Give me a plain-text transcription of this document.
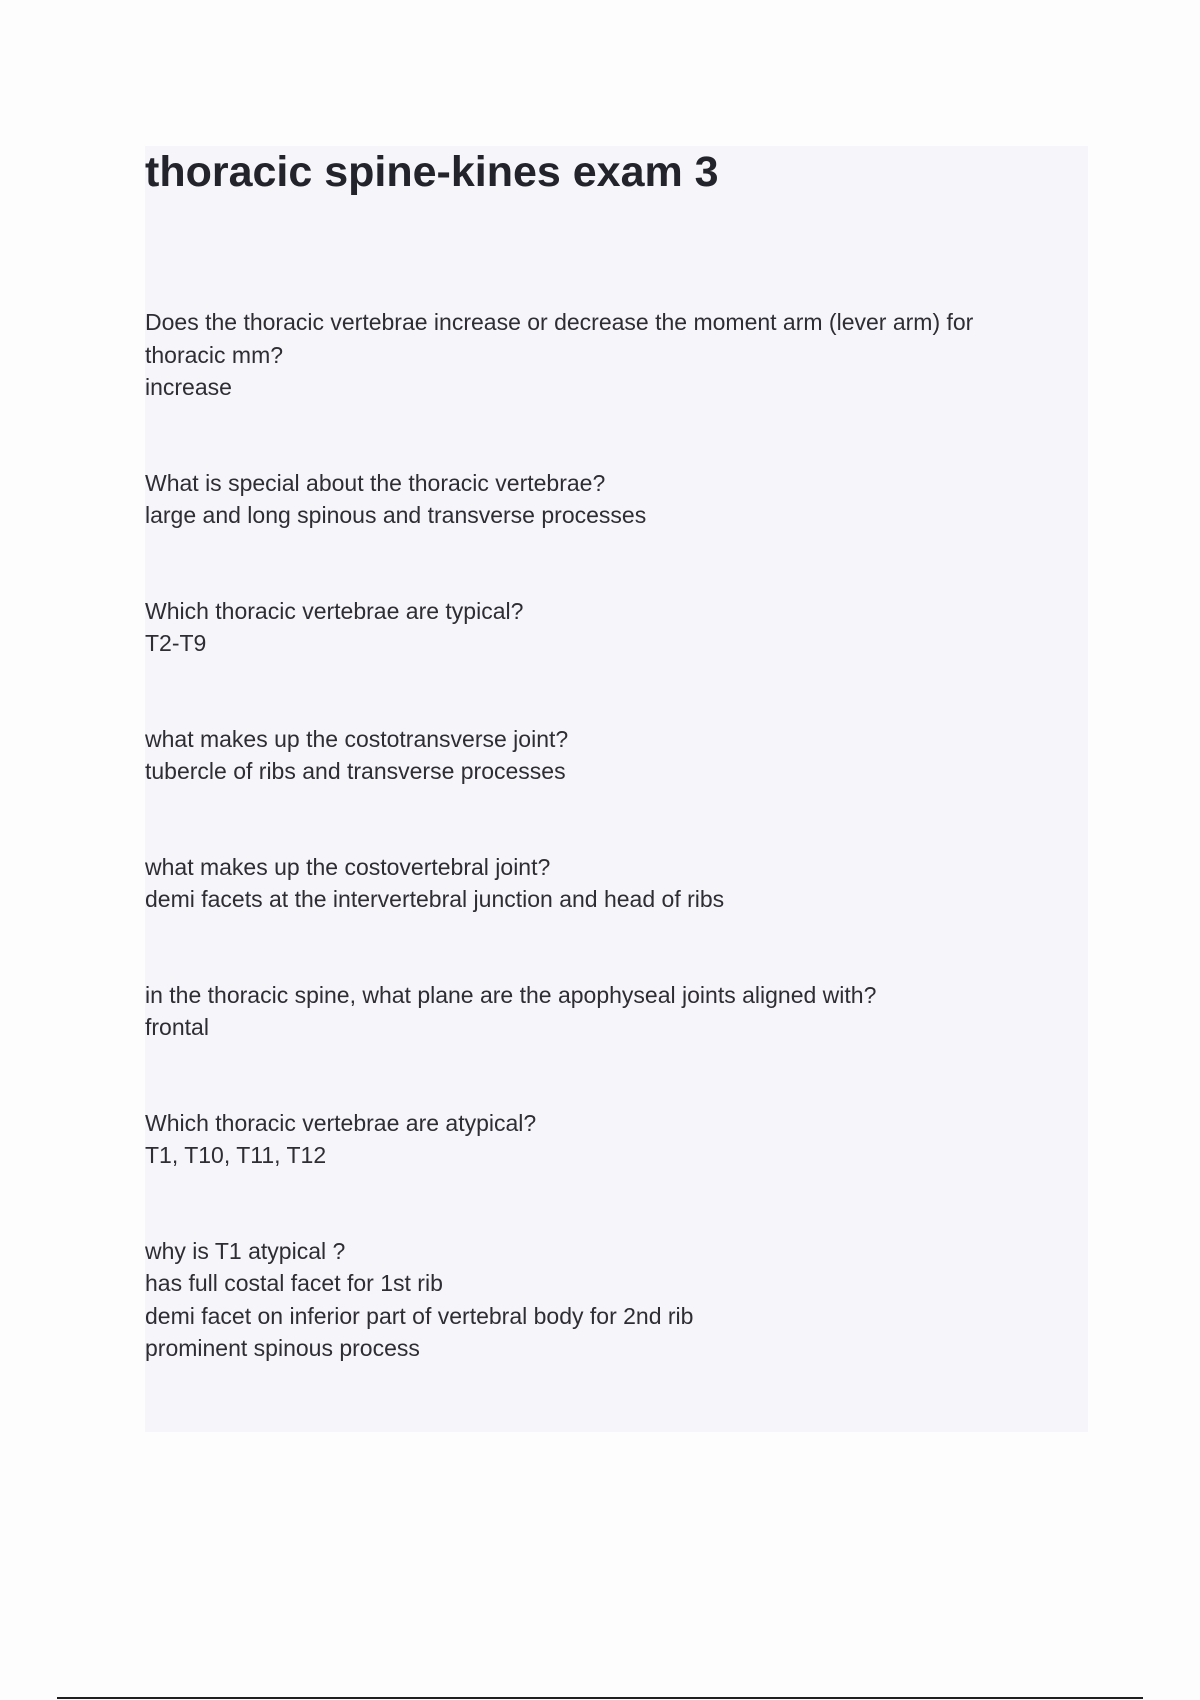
thoracic spine-kines exam 3
Does the thoracic vertebrae increase or decrease the moment arm (lever arm) for thoracic mm?
increase
What is special about the thoracic vertebrae?
large and long spinous and transverse processes
Which thoracic vertebrae are typical?
T2-T9
what makes up the costotransverse joint?
tubercle of ribs and transverse processes
what makes up the costovertebral joint?
demi facets at the intervertebral junction and head of ribs
in the thoracic spine, what plane are the apophyseal joints aligned with?
frontal
Which thoracic vertebrae are atypical?
T1, T10, T11, T12
why is T1 atypical ?
has full costal facet for 1st rib
demi facet on inferior part of vertebral body for 2nd rib
prominent spinous process
